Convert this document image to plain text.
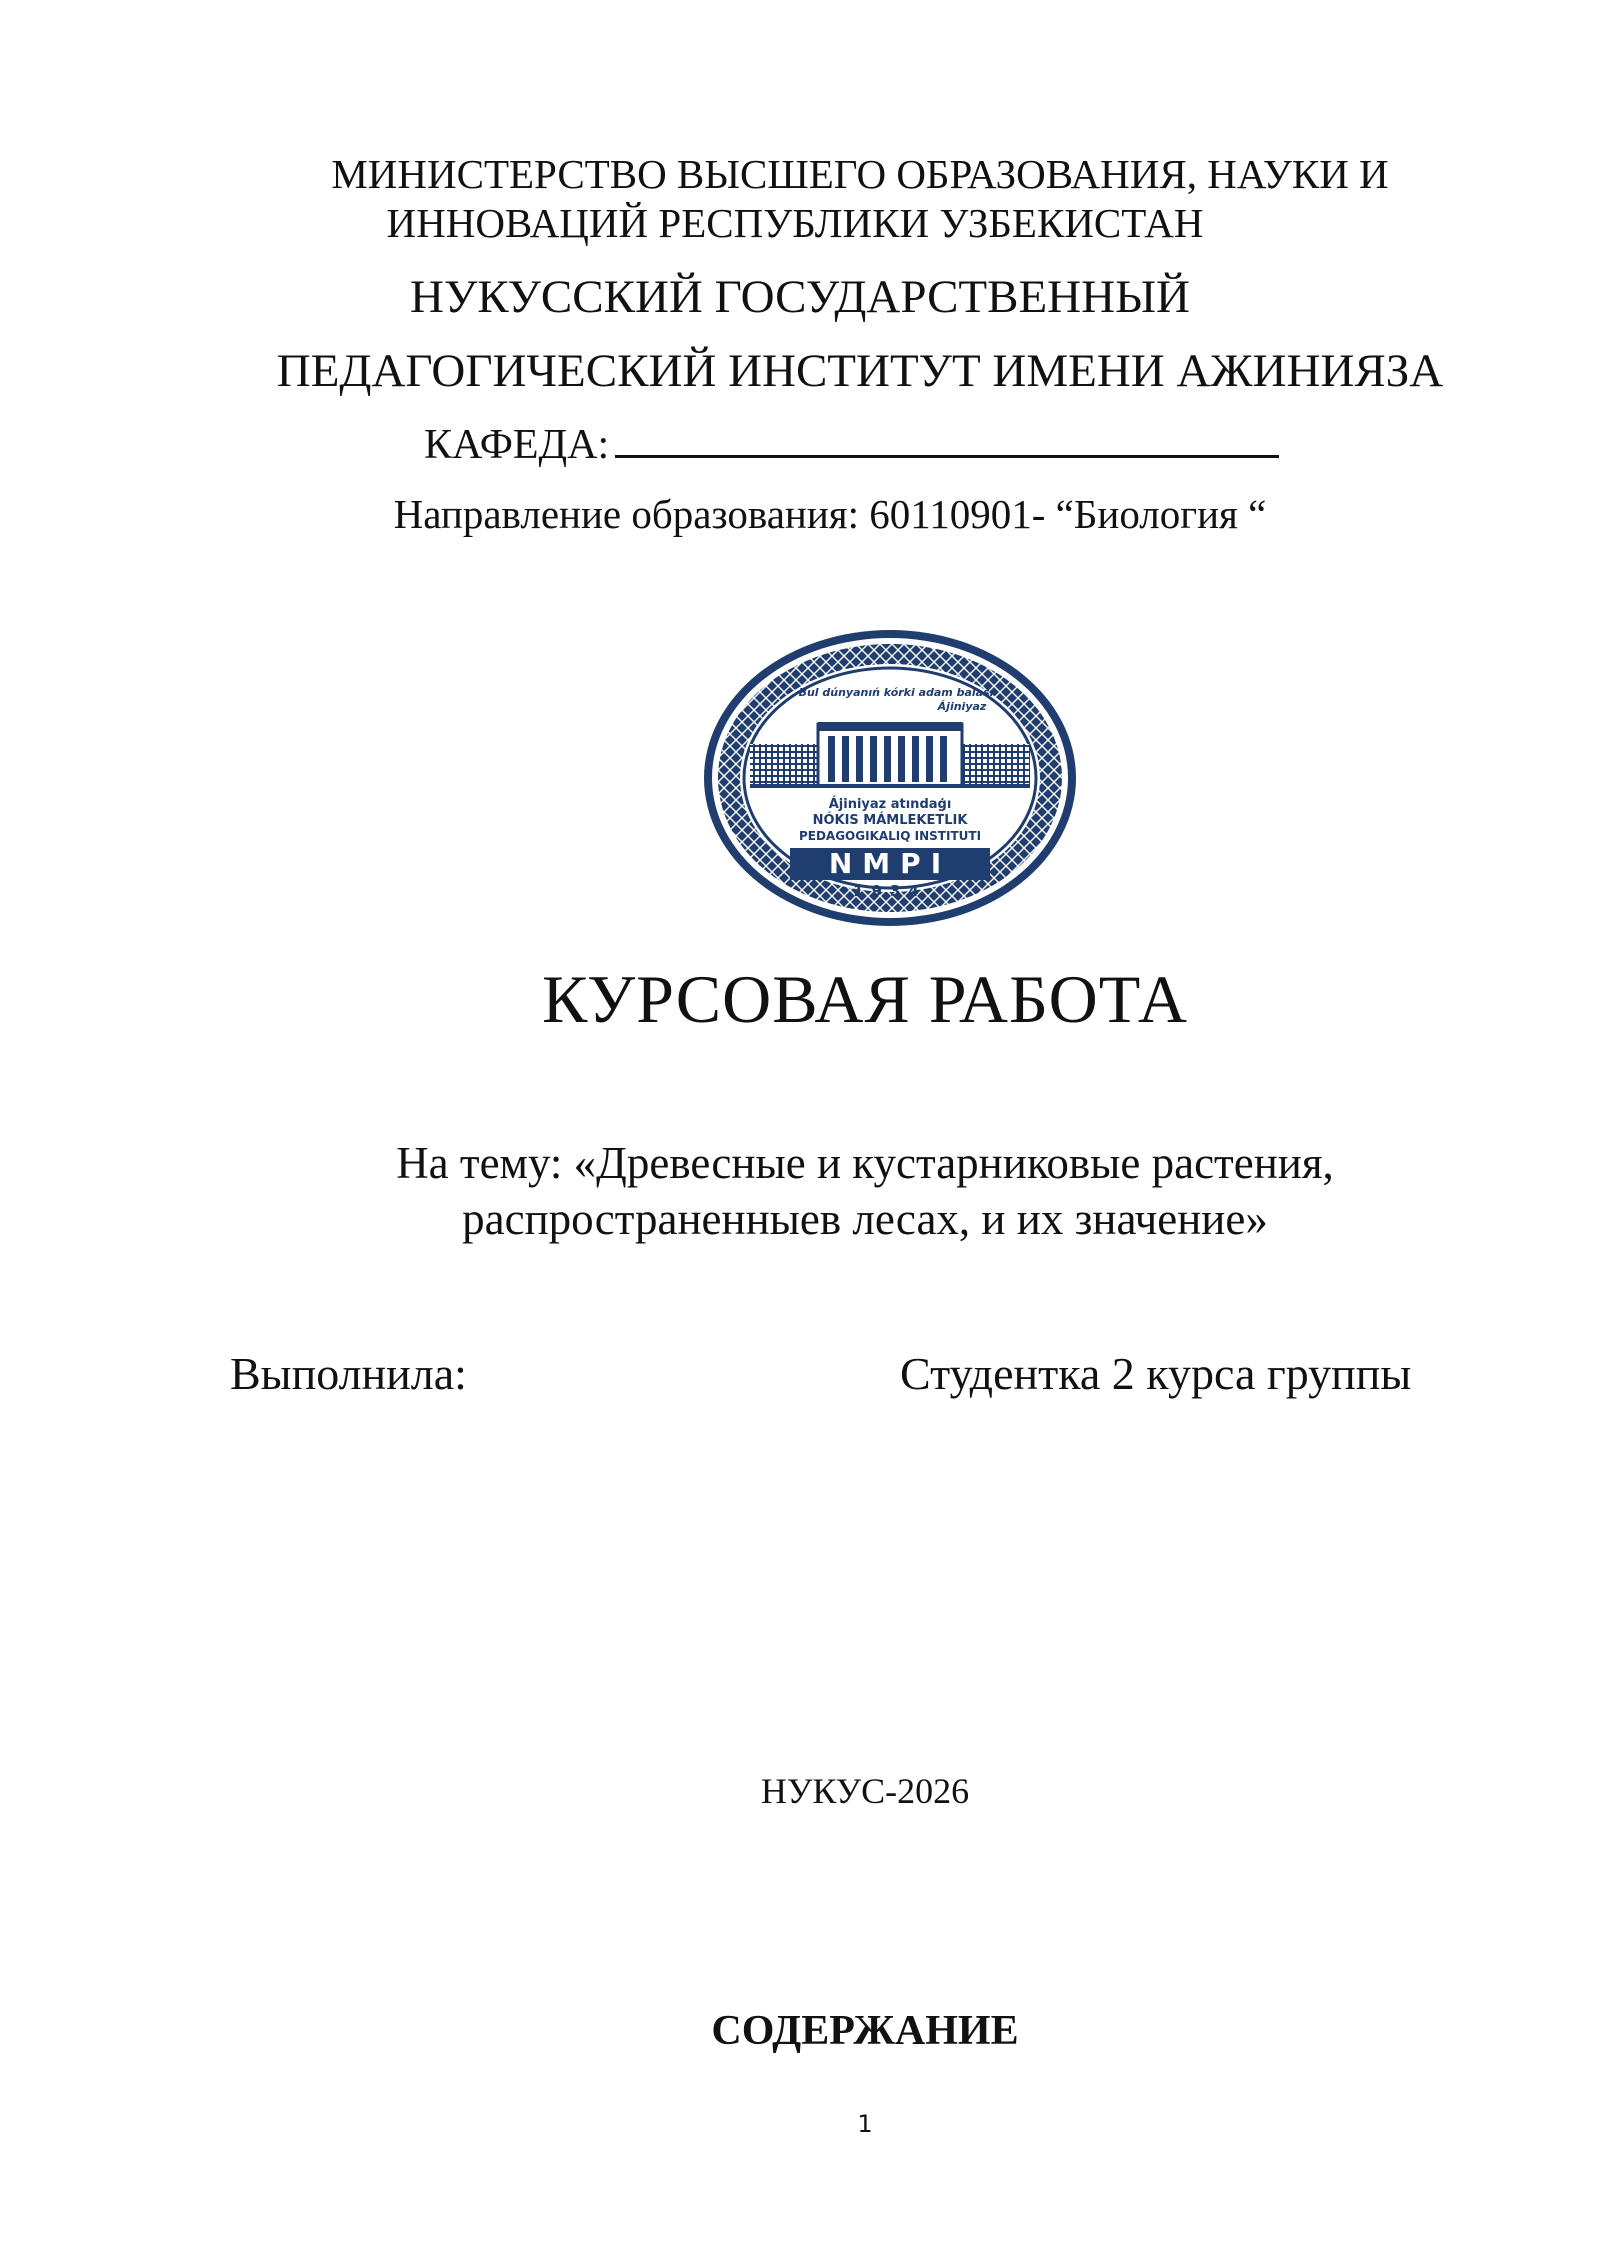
МИНИСТЕРСТВО ВЫСШЕГО ОБРАЗОВАНИЯ, НАУКИ И
ИННОВАЦИЙ РЕСПУБЛИКИ УЗБЕКИСТАН
НУКУССКИЙ ГОСУДАРСТВЕННЫЙ
ПЕДАГОГИЧЕСКИЙ ИНСТИТУТ ИМЕНИ АЖИНИЯЗА
КАФЕДА:
Направление образования: 60110901- “Биология “
Bul dúnyanıń kórki adam balası
Ájiniyaz
Ájiniyaz atındaģı
NÓKIS MÁMLEKETLIK
PEDAGOGIKALIQ INSTITUTI
NMPI
1934
КУРСОВАЯ РАБОТА
На тему: «Древесные и кустарниковые растения,
распространенныев лесах, и их значение»
Выполнила:	Студентка 2 курса группы
НУКУС-2026
СОДЕРЖАНИЕ
1
